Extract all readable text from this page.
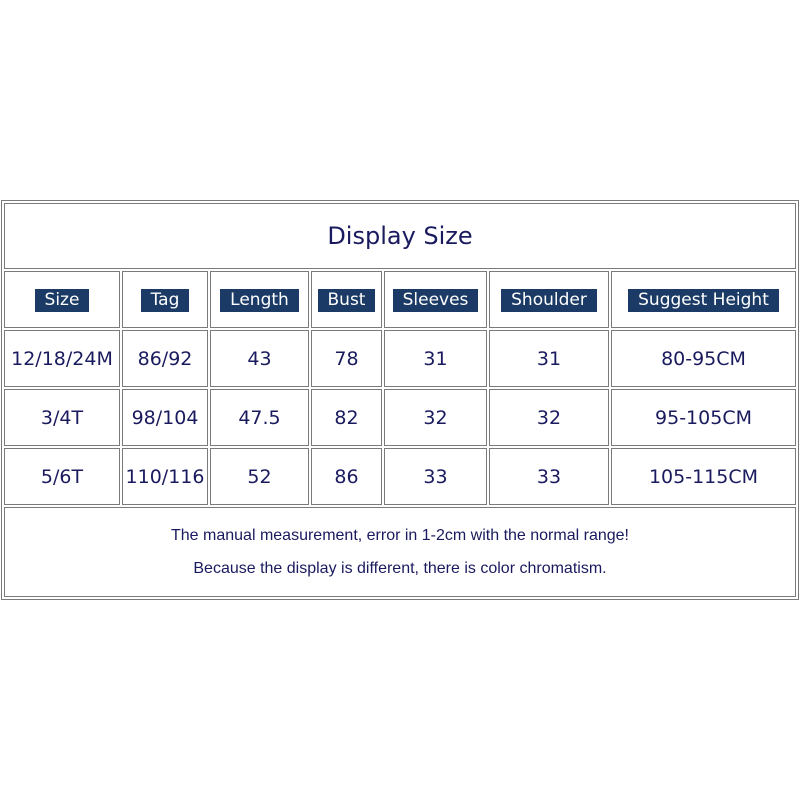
Display Size						
Size	Tag	Length	Bust	Sleeves	Shoulder	Suggest Height
12/18/24M	86/92	43	78	31	31	80-95CM
3/4T	98/104	47.5	82	32	32	95-105CM
5/6T	110/116	52	86	33	33	105-115CM

The manual measurement, error in 1-2cm with the normal range!
Because the display is different, there is color chromatism.						
